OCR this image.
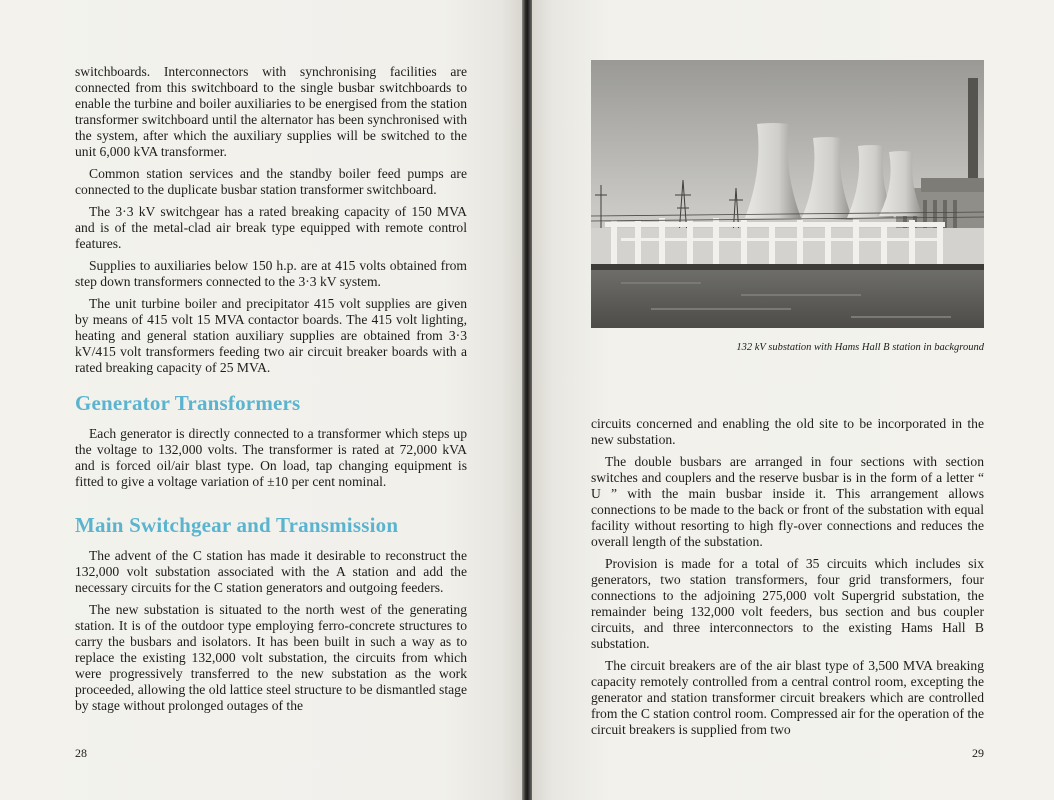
switchboards. Interconnectors with synchronising facilities are connected from this switchboard to the single busbar switchboards to enable the turbine and boiler auxiliaries to be energised from the station transformer switchboard until the alternator has been synchronised with the system, after which the auxiliary supplies will be switched to the unit 6,000 kVA transformer.

Common station services and the standby boiler feed pumps are connected to the duplicate busbar station transformer switchboard.

The 3·3 kV switchgear has a rated breaking capacity of 150 MVA and is of the metal-clad air break type equipped with remote control features.

Supplies to auxiliaries below 150 h.p. are at 415 volts obtained from step down transformers connected to the 3·3 kV system.

The unit turbine boiler and precipitator 415 volt supplies are given by means of 415 volt 15 MVA contactor boards. The 415 volt lighting, heating and general station auxiliary supplies are obtained from 3·3 kV/415 volt transformers feeding two air circuit breaker boards with a rated breaking capacity of 25 MVA.

Generator Transformers

Each generator is directly connected to a transformer which steps up the voltage to 132,000 volts. The transformer is rated at 72,000 kVA and is forced oil/air blast type. On load, tap changing equipment is fitted to give a voltage variation of ±10 per cent nominal.

Main Switchgear and Transmission

The advent of the C station has made it desirable to reconstruct the 132,000 volt substation associated with the A station and add the necessary circuits for the C station generators and outgoing feeders.

The new substation is situated to the north west of the generating station. It is of the outdoor type employing ferro-concrete structures to carry the busbars and isolators. It has been built in such a way as to replace the existing 132,000 volt substation, the circuits from which were progressively transferred to the new substation as the work proceeded, allowing the old lattice steel structure to be dismantled stage by stage without prolonged outages of the

28
132 kV substation with Hams Hall B station in background

circuits concerned and enabling the old site to be incorporated in the new substation.

The double busbars are arranged in four sections with section switches and couplers and the reserve busbar is in the form of a letter “ U ” with the main busbar inside it. This arrangement allows connections to be made to the back or front of the substation with equal facility without resorting to high fly-over connections and reduces the overall length of the substation.

Provision is made for a total of 35 circuits which includes six generators, two station transformers, four grid transformers, four connections to the adjoining 275,000 volt Supergrid substation, the remainder being 132,000 volt feeders, bus section and bus coupler circuits, and three interconnectors to the existing Hams Hall B substation.

The circuit breakers are of the air blast type of 3,500 MVA breaking capacity remotely controlled from a central control room, excepting the generator and station transformer circuit breakers which are controlled from the C station control room. Compressed air for the operation of the circuit breakers is supplied from two

29
